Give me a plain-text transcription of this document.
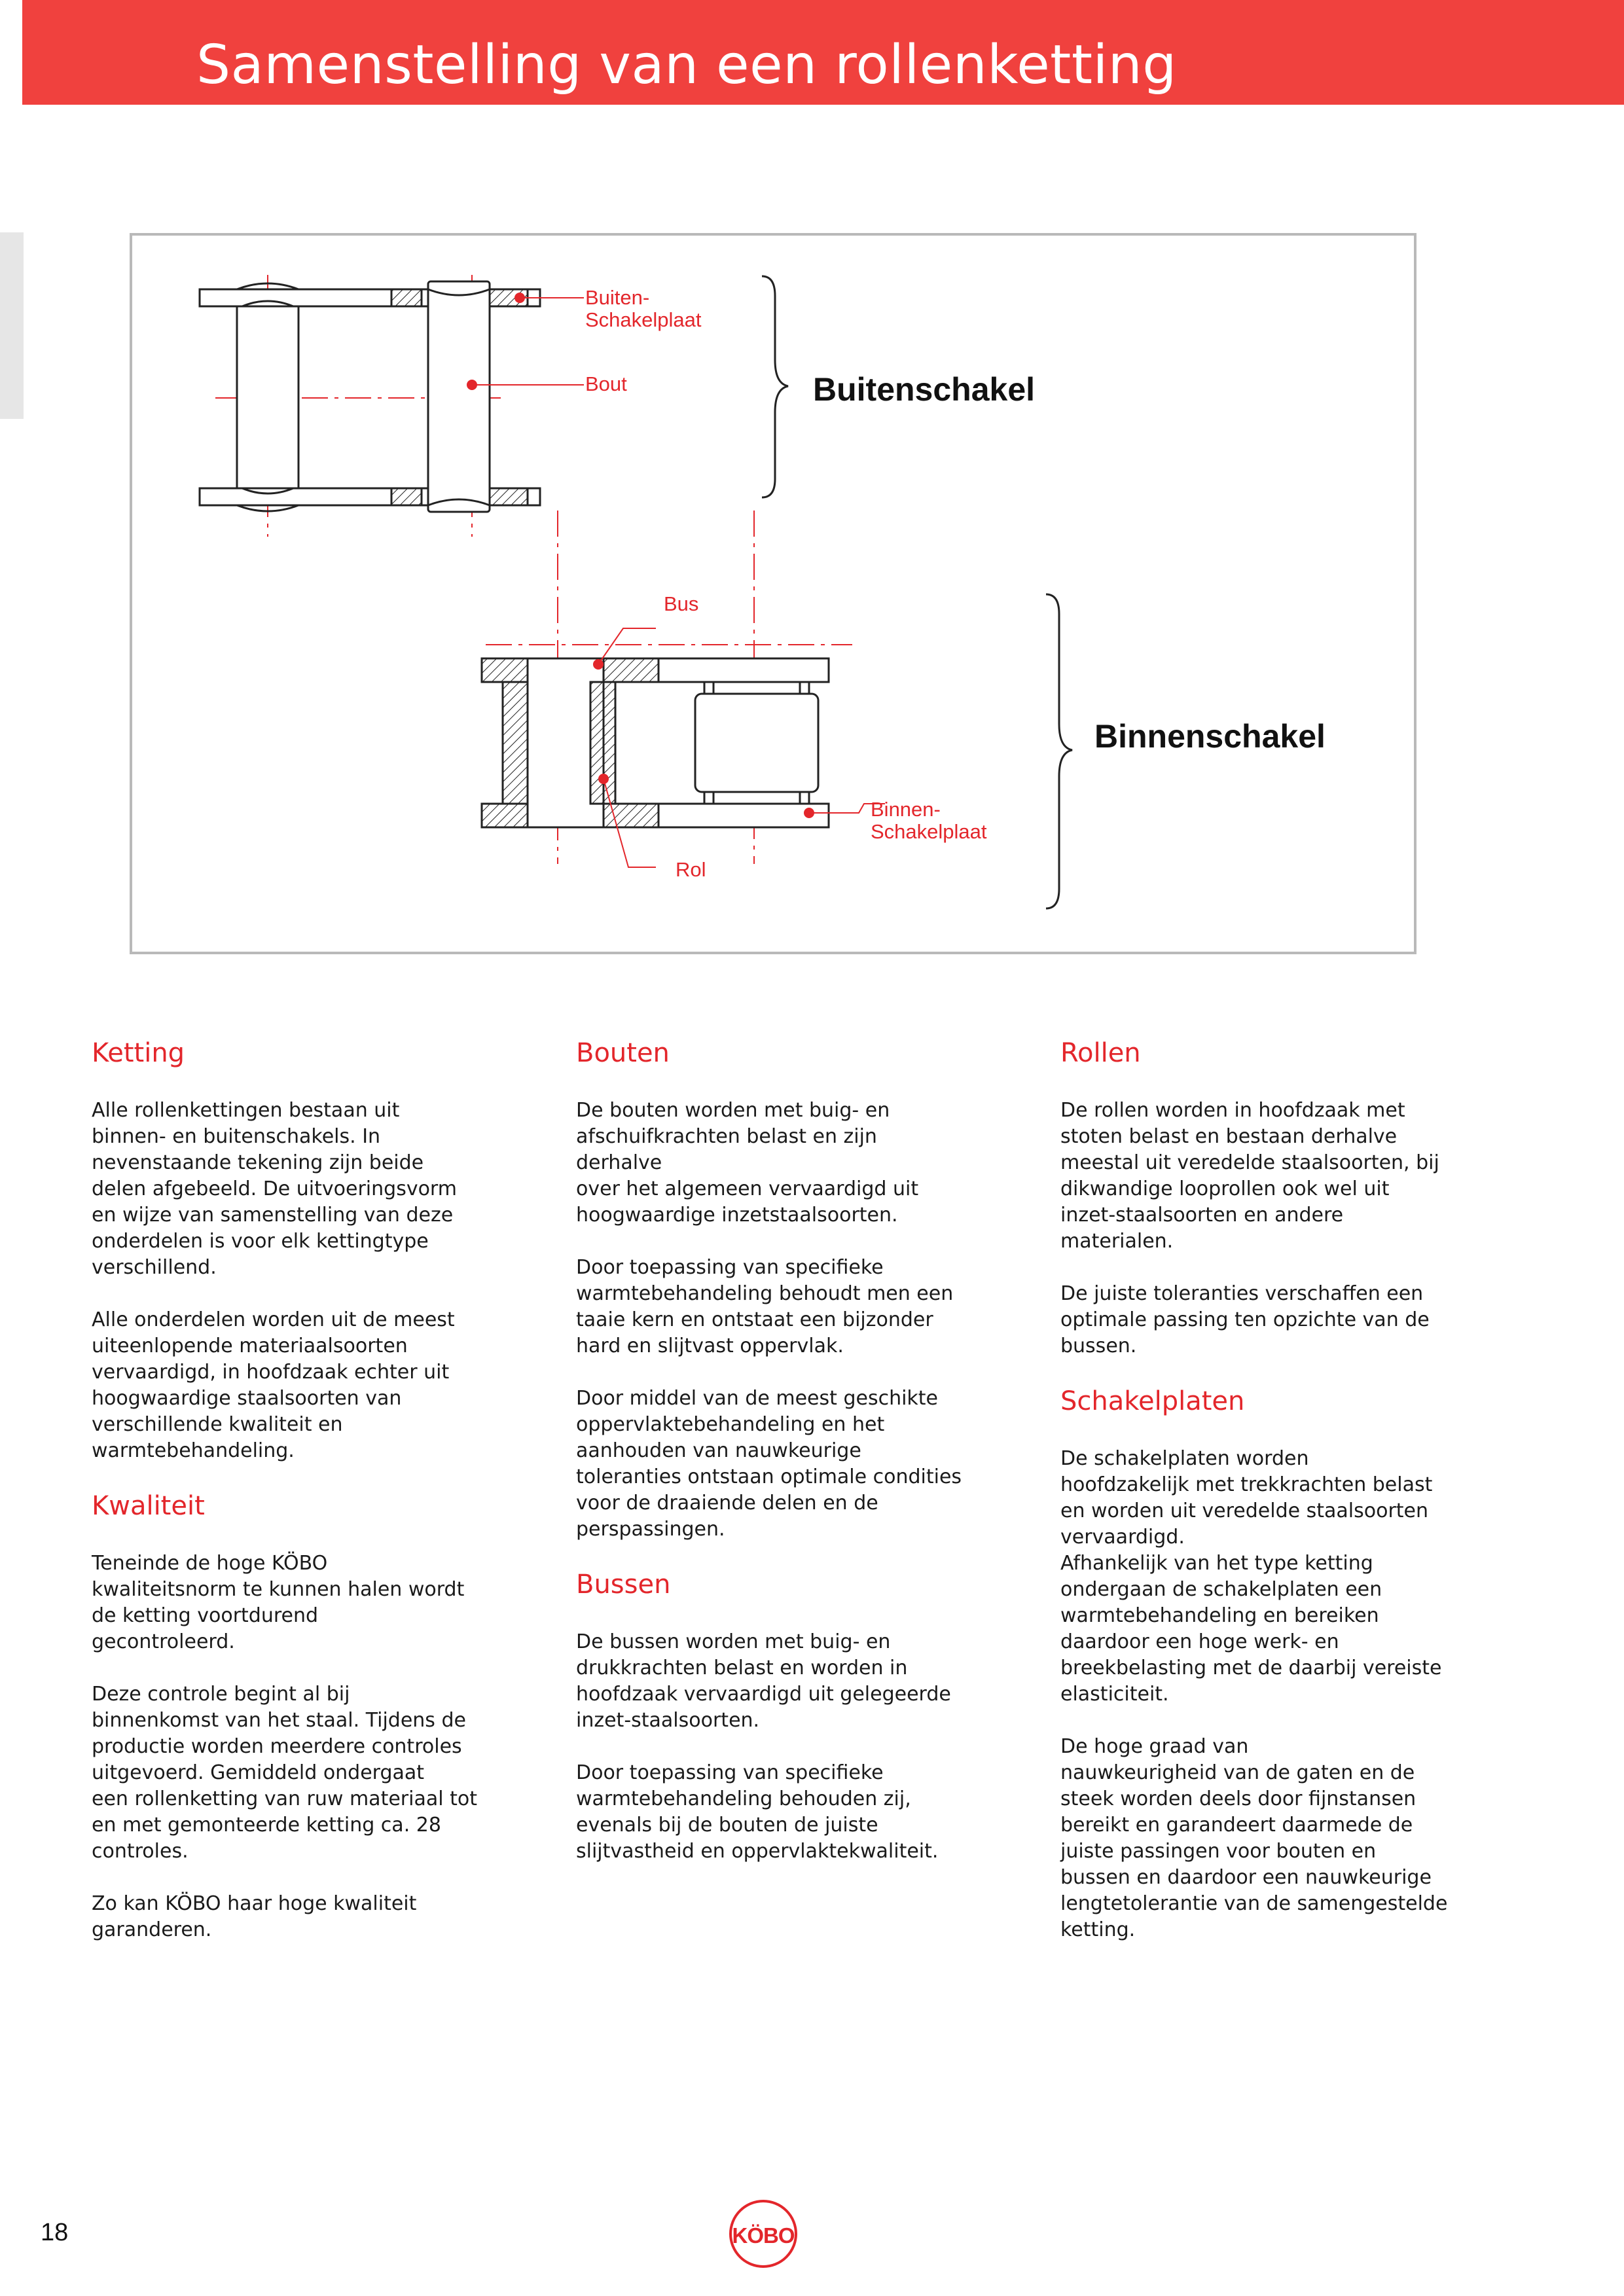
Samenstelling van een rollenketting
Buiten-
Schakelplaat
Bout	Buitenschakel
Bus
Binnen-
Schakelplaat
Rol
Binnenschakel
Ketting

Alle rollenkettingen bestaan uit
binnen- en buitenschakels. In
nevenstaande tekening zijn beide
delen afgebeeld. De uitvoeringsvorm
en wijze van samenstelling van deze
onderdelen is voor elk kettingtype
verschillend.

Alle onderdelen worden uit de meest
uiteenlopende materiaalsoorten
vervaardigd, in hoofdzaak echter uit
hoogwaardige staalsoorten van
verschillende kwaliteit en
warmtebehandeling.

Kwaliteit

Teneinde de hoge KÖBO
kwaliteitsnorm te kunnen halen wordt
de ketting voortdurend
gecontroleerd.

Deze controle begint al bij
binnenkomst van het staal. Tijdens de
productie worden meerdere controles
uitgevoerd. Gemiddeld ondergaat
een rollenketting van ruw materiaal tot
en met gemonteerde ketting ca. 28
controles.

Zo kan KÖBO haar hoge kwaliteit
garanderen.

Bouten

De bouten worden met buig- en
afschuifkrachten belast en zijn derhalve
over het algemeen vervaardigd uit
hoogwaardige inzetstaalsoorten.

Door toepassing van specifieke
warmtebehandeling behoudt men een
taaie kern en ontstaat een bijzonder
hard en slijtvast oppervlak.

Door middel van de meest geschikte
oppervlaktebehandeling en het
aanhouden van nauwkeurige
toleranties ontstaan optimale condities
voor de draaiende delen en de
perspassingen.

Bussen

De bussen worden met buig- en
drukkrachten belast en worden in
hoofdzaak vervaardigd uit gelegeerde
inzet-staalsoorten.

Door toepassing van specifieke
warmtebehandeling behouden zij,
evenals bij de bouten de juiste
slijtvastheid en oppervlaktekwaliteit.

Rollen

De rollen worden in hoofdzaak met
stoten belast en bestaan derhalve
meestal uit veredelde staalsoorten, bij
dikwandige looprollen ook wel uit
inzet-staalsoorten en andere
materialen.

De juiste toleranties verschaffen een
optimale passing ten opzichte van de
bussen.

Schakelplaten

De schakelplaten worden
hoofdzakelijk met trekkrachten belast
en worden uit veredelde staalsoorten
vervaardigd.
Afhankelijk van het type ketting
ondergaan de schakelplaten een
warmtebehandeling en bereiken
daardoor een hoge werk- en
breekbelasting met de daarbij vereiste
elasticiteit.

De hoge graad van
nauwkeurigheid van de gaten en de
steek worden deels door fijnstansen
bereikt en garandeert daarmede de
juiste passingen voor bouten en
bussen en daardoor een nauwkeurige
lengtetolerantie van de samengestelde
ketting.

18	KÖBO
